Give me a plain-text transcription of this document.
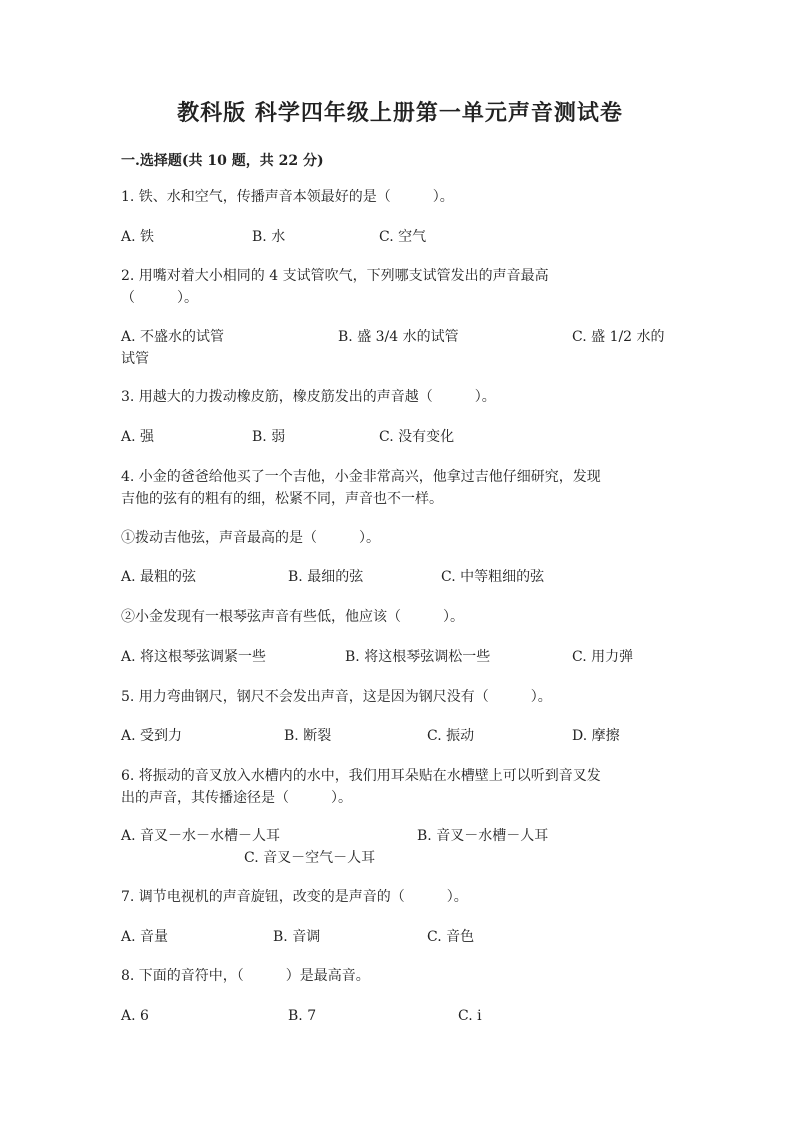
教科版 科学四年级上册第一单元声音测试卷
一.选择题(共 10 题，共 22 分)
1. 铁、水和空气，传播声音本领最好的是（　　　）。
A. 铁	B. 水	C. 空气
2. 用嘴对着大小相同的 4 支试管吹气，下列哪支试管发出的声音最高
（　　　）。
A. 不盛水的试管	B. 盛 3/4 水的试管	C. 盛 1/2 水的
试管
3. 用越大的力拨动橡皮筋，橡皮筋发出的声音越（　　　）。
A. 强	B. 弱	C. 没有变化
4. 小金的爸爸给他买了一个吉他，小金非常高兴，他拿过吉他仔细研究，发现
吉他的弦有的粗有的细，松紧不同，声音也不一样。
①拨动吉他弦，声音最高的是（　　　）。
A. 最粗的弦	B. 最细的弦	C. 中等粗细的弦
②小金发现有一根琴弦声音有些低，他应该（　　　）。
A. 将这根琴弦调紧一些	B. 将这根琴弦调松一些	C. 用力弹
5. 用力弯曲钢尺，钢尺不会发出声音，这是因为钢尺没有（　　　）。
A. 受到力	B. 断裂	C. 振动	D. 摩擦
6. 将振动的音叉放入水槽内的水中，我们用耳朵贴在水槽壁上可以听到音叉发
出的声音，其传播途径是（　　　）。
A. 音叉－水－水槽－人耳	B. 音叉－水槽－人耳
C. 音叉－空气－人耳
7. 调节电视机的声音旋钮，改变的是声音的（　　　）。
A. 音量	B. 音调	C. 音色
8. 下面的音符中，（　　　）是最高音。
A. 6	B. 7	C. i
